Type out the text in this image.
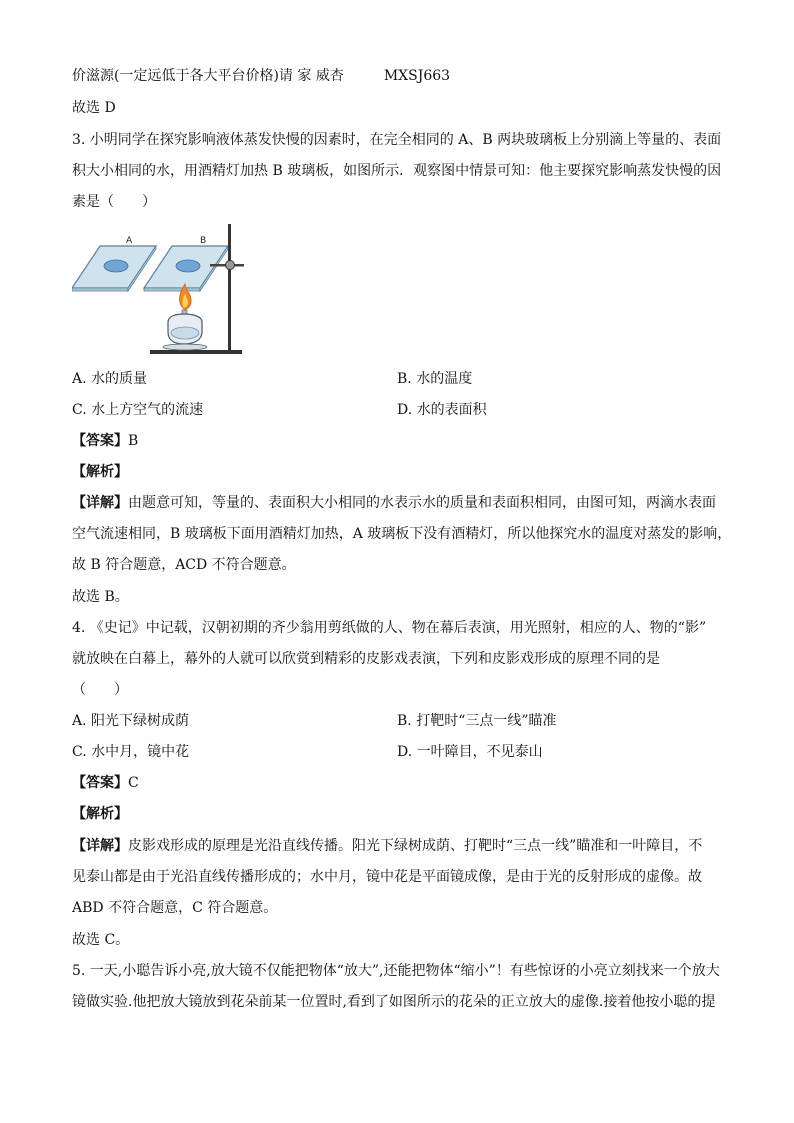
价滋源(一定远低于各大平台价格)请 家 威杏	MXSJ663
故选 D
3. 小明同学在探究影响液体蒸发快慢的因素时，在完全相同的 A、B 两块玻璃板上分别滴上等量的、表面
积大小相同的水，用酒精灯加热 B 玻璃板，如图所示．观察图中情景可知：他主要探究影响蒸发快慢的因
素是（　　）
A	B
A. 水的质量	B. 水的温度
C. 水上方空气的流速	D. 水的表面积
【答案】B
【解析】
【详解】由题意可知，等量的、表面积大小相同的水表示水的质量和表面积相同，由图可知，两滴水表面
空气流速相同，B 玻璃板下面用酒精灯加热，A 玻璃板下没有酒精灯，所以他探究水的温度对蒸发的影响，
故 B 符合题意，ACD 不符合题意。
故选 B。
4. 《史记》中记载，汉朝初期的齐少翁用剪纸做的人、物在幕后表演，用光照射，相应的人、物的“影”
就放映在白幕上，幕外的人就可以欣赏到精彩的皮影戏表演，下列和皮影戏形成的原理不同的是
（　　）
A. 阳光下绿树成荫	B. 打靶时“三点一线”瞄准
C. 水中月，镜中花	D. 一叶障目，不见泰山
【答案】C
【解析】
【详解】皮影戏形成的原理是光沿直线传播。阳光下绿树成荫、打靶时“三点一线”瞄准和一叶障目，不
见泰山都是由于光沿直线传播形成的；水中月，镜中花是平面镜成像，是由于光的反射形成的虚像。故
ABD 不符合题意，C 符合题意。
故选 C。
5. 一天,小聪告诉小亮,放大镜不仅能把物体“放大”,还能把物体“缩小”！有些惊讶的小亮立刻找来一个放大
镜做实验.他把放大镜放到花朵前某一位置时,看到了如图所示的花朵的正立放大的虚像.接着他按小聪的提
